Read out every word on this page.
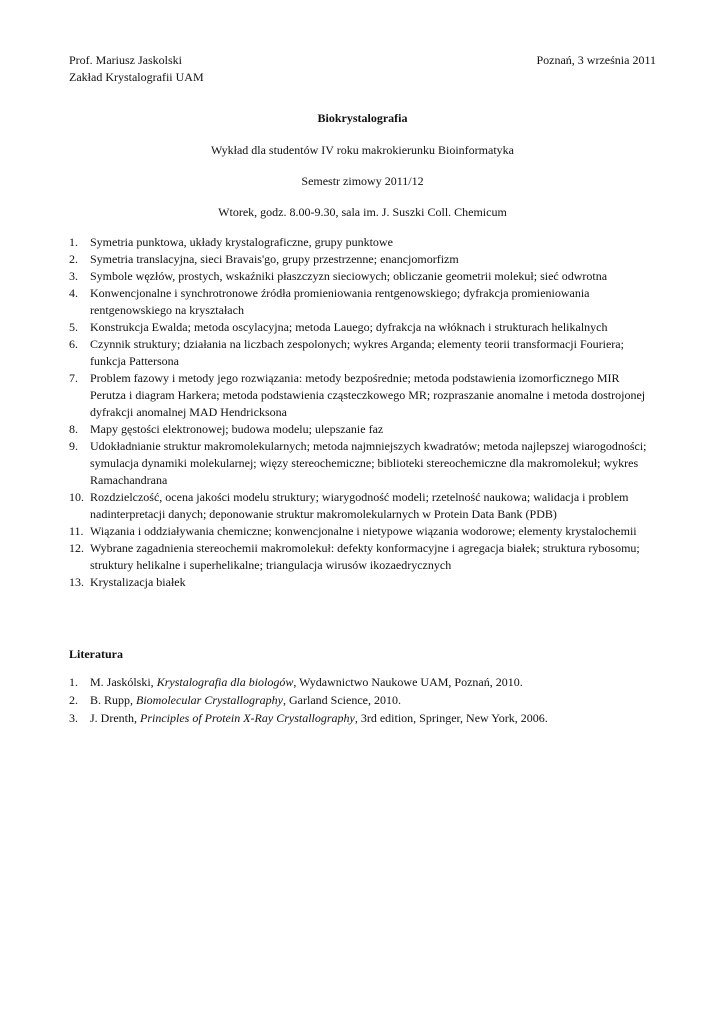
Prof. Mariusz Jaskolski	Poznań, 3 września 2011
Zakład Krystalografii UAM
Biokrystalografia
Wykład dla studentów IV roku makrokierunku Bioinformatyka
Semestr zimowy 2011/12
Wtorek, godz. 8.00-9.30, sala im. J. Suszki Coll. Chemicum
1.	Symetria punktowa, układy krystalograficzne, grupy punktowe
2.	Symetria translacyjna, sieci Bravais'go, grupy przestrzenne; enancjomorfizm
3.	Symbole węzłów, prostych, wskaźniki płaszczyzn sieciowych; obliczanie geometrii molekuł; sieć odwrotna
4.	Konwencjonalne i synchrotronowe źródła promieniowania rentgenowskiego; dyfrakcja promieniowania rentgenowskiego na kryształach
5.	Konstrukcja Ewalda; metoda oscylacyjna; metoda Lauego; dyfrakcja na włóknach i strukturach helikalnych
6.	Czynnik struktury; działania na liczbach zespolonych; wykres Arganda; elementy teorii transformacji Fouriera; funkcja Pattersona
7.	Problem fazowy i metody jego rozwiązania: metody bezpośrednie; metoda podstawienia izomorficznego MIR Perutza i diagram Harkera; metoda podstawienia cząsteczkowego MR; rozpraszanie anomalne i metoda dostrojonej dyfrakcji anomalnej MAD Hendricksona
8.	Mapy gęstości elektronowej; budowa modelu; ulepszanie faz
9.	Udokładnianie struktur makromolekularnych; metoda najmniejszych kwadratów; metoda najlepszej wiarogodności; symulacja dynamiki molekularnej; więzy stereochemiczne; biblioteki stereochemiczne dla makromolekuł; wykres Ramachandrana
10. Rozdzielczość, ocena jakości modelu struktury; wiarygodność modeli; rzetelność naukowa; walidacja i problem nadinterpretacji danych; deponowanie struktur makromolekularnych w Protein Data Bank (PDB)
11. Wiązania i oddziaływania chemiczne; konwencjonalne i nietypowe wiązania wodorowe; elementy krystalochemii
12. Wybrane zagadnienia stereochemii makromolekuł: defekty konformacyjne i agregacja białek; struktura rybosomu; struktury helikalne i superhelikalne; triangulacja wirusów ikozaedrycznych
13. Krystalizacja białek
Literatura
1.	M. Jaskólski, Krystalografia dla biologów, Wydawnictwo Naukowe UAM, Poznań, 2010.
2.	B. Rupp, Biomolecular Crystallography, Garland Science, 2010.
3.	J. Drenth, Principles of Protein X-Ray Crystallography, 3rd edition, Springer, New York, 2006.
